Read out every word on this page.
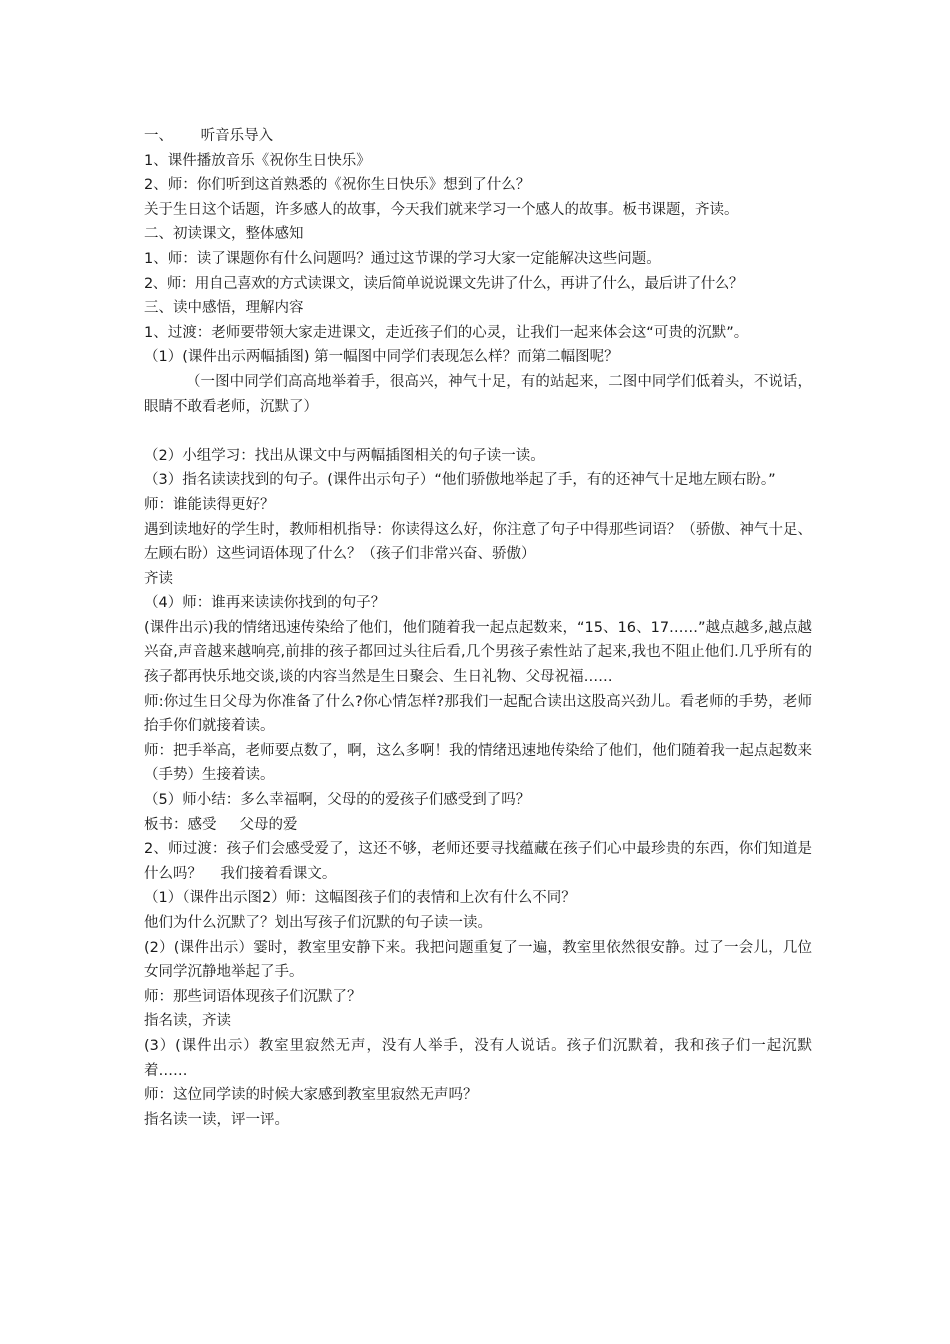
一、      听音乐导入

1、课件播放音乐《祝你生日快乐》

2、师：你们听到这首熟悉的《祝你生日快乐》想到了什么？

关于生日这个话题，许多感人的故事，今天我们就来学习一个感人的故事。板书课题，齐读。

二、初读课文，整体感知

1、师：读了课题你有什么问题吗？通过这节课的学习大家一定能解决这些问题。

2、师：用自己喜欢的方式读课文，读后简单说说课文先讲了什么，再讲了什么，最后讲了什么？

三、读中感悟，理解内容

1、过渡：老师要带领大家走进课文，走近孩子们的心灵，让我们一起来体会这“可贵的沉默”。

（1）(课件出示两幅插图) 第一幅图中同学们表现怎么样？而第二幅图呢？

（一图中同学们高高地举着手，很高兴，神气十足，有的站起来，二图中同学们低着头，不说话，眼睛不敢看老师，沉默了）

（2）小组学习：找出从课文中与两幅插图相关的句子读一读。

（3）指名读读找到的句子。(课件出示句子）“他们骄傲地举起了手，有的还神气十足地左顾右盼。”

师：谁能读得更好？

遇到读地好的学生时，教师相机指导：你读得这么好，你注意了句子中得那些词语？（骄傲、神气十足、左顾右盼）这些词语体现了什么？（孩子们非常兴奋、骄傲）

齐读

（4）师：谁再来读读你找到的句子？

(课件出示)我的情绪迅速传染给了他们，他们随着我一起点起数来，“15、16、17……”越点越多,越点越兴奋,声音越来越响亮,前排的孩子都回过头往后看,几个男孩子索性站了起来,我也不阻止他们.几乎所有的孩子都再快乐地交谈,谈的内容当然是生日聚会、生日礼物、父母祝福……

师:你过生日父母为你准备了什么?你心情怎样?那我们一起配合读出这股高兴劲儿。看老师的手势，老师抬手你们就接着读。

师：把手举高，老师要点数了，啊，这么多啊！我的情绪迅速地传染给了他们，他们随着我一起点起数来（手势）生接着读。

（5）师小结：多么幸福啊，父母的的爱孩子们感受到了吗？

板书：感受     父母的爱

2、师过渡：孩子们会感受爱了，这还不够，老师还要寻找蕴藏在孩子们心中最珍贵的东西，你们知道是什么吗？    我们接着看课文。

（1）（课件出示图2）师：这幅图孩子们的表情和上次有什么不同？

他们为什么沉默了？划出写孩子们沉默的句子读一读。

(2）(课件出示）霎时，教室里安静下来。我把问题重复了一遍，教室里依然很安静。过了一会儿，几位女同学沉静地举起了手。

师：那些词语体现孩子们沉默了？

指名读，齐读

(3）(课件出示）教室里寂然无声，没有人举手，没有人说话。孩子们沉默着，我和孩子们一起沉默着……

师：这位同学读的时候大家感到教室里寂然无声吗？

指名读一读，评一评。
